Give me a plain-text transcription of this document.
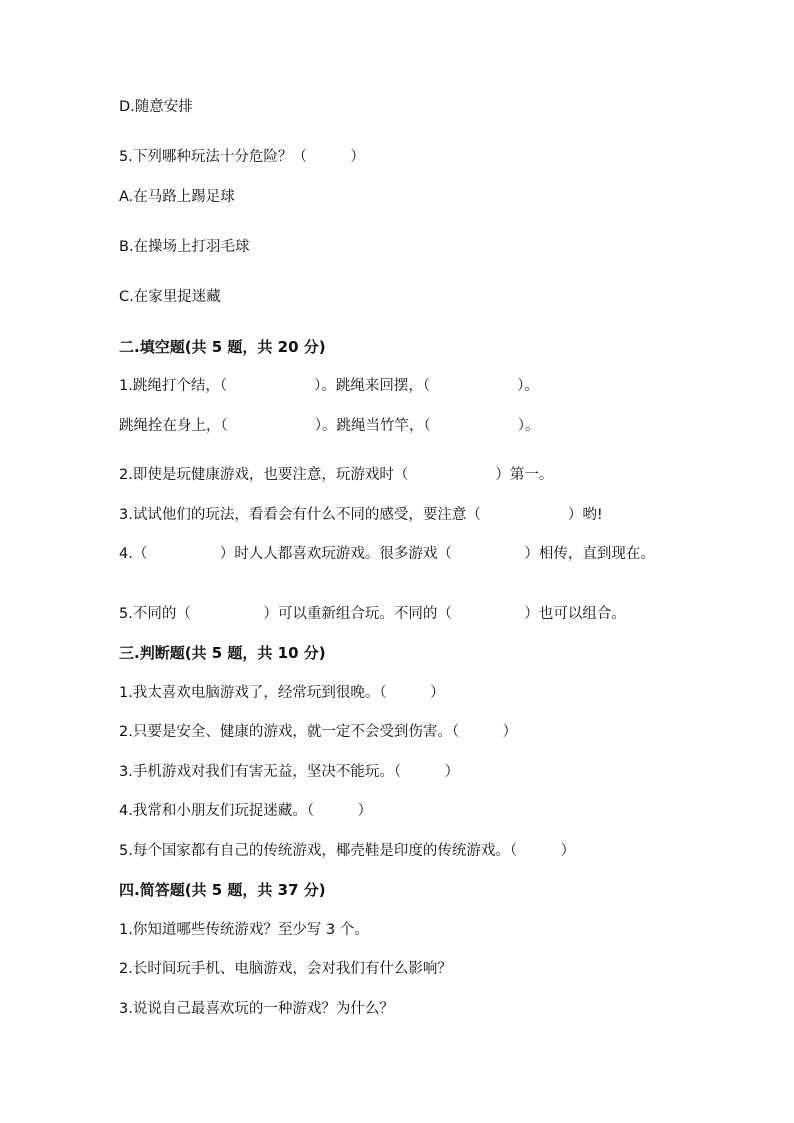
D.随意安排
5.下列哪种玩法十分危险？（　　　）
A.在马路上踢足球
B.在操场上打羽毛球
C.在家里捉迷藏
二.填空题(共 5 题，共 20 分)
1.跳绳打个结，（　　　　　　）。跳绳来回摆，（　　　　　　）。
跳绳拴在身上，（　　　　　　）。跳绳当竹竿，（　　　　　　）。
2.即使是玩健康游戏，也要注意，玩游戏时（　　　　　　）第一。
3.试试他们的玩法，看看会有什么不同的感受，要注意（　　　　　　）哟!
4.（　　　　　）时人人都喜欢玩游戏。很多游戏（　　　　　）相传，直到现在。
5.不同的（　　　　　）可以重新组合玩。不同的（　　　　　）也可以组合。
三.判断题(共 5 题，共 10 分)
1.我太喜欢电脑游戏了，经常玩到很晚。（　　　）
2.只要是安全、健康的游戏，就一定不会受到伤害。（　　　）
3.手机游戏对我们有害无益，坚决不能玩。（　　　）
4.我常和小朋友们玩捉迷藏。（　　　）
5.每个国家都有自己的传统游戏，椰壳鞋是印度的传统游戏。（　　　）
四.简答题(共 5 题，共 37 分)
1.你知道哪些传统游戏？至少写 3 个。
2.长时间玩手机、电脑游戏，会对我们有什么影响？
3.说说自己最喜欢玩的一种游戏？为什么？
